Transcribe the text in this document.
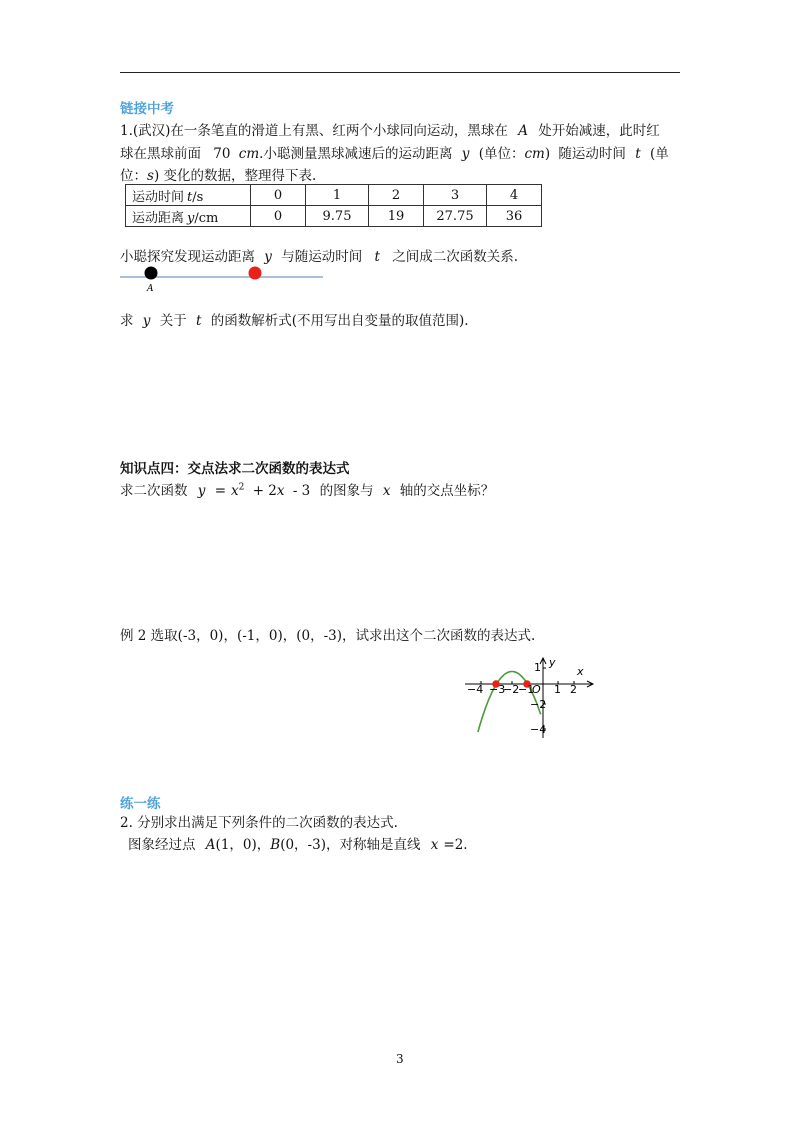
链接中考
1.(武汉)在一条笔直的滑道上有黑、红两个小球同向运动，黑球在 A 处开始减速，此时红
球在黑球前面 70 cm.小聪测量黑球减速后的运动距离 y (单位：cm) 随运动时间 t (单
位：s) 变化的数据，整理得下表.
运动时间 t/s	0	1	2	3	4
运动距离 y/cm	0	9.75	19	27.75	36
小聪探究发现运动距离 y 与随运动时间 t 之间成二次函数关系.
A
求 y 关于 t 的函数解析式(不用写出自变量的取值范围).
知识点四：交点法求二次函数的表达式
求二次函数 $y = x^2 + 2x - 3$ 的图象与 x 轴的交点坐标？
例 2 选取(-3，0)，(-1，0)，(0，-3)，试求出这个二次函数的表达式.
y
x
O
−4 −3
−2
−1 1 2
1
−2
−4
练一练
2. 分别求出满足下列条件的二次函数的表达式.
图象经过点 A(1，0)，B(0，-3)，对称轴是直线 x =2.
3
